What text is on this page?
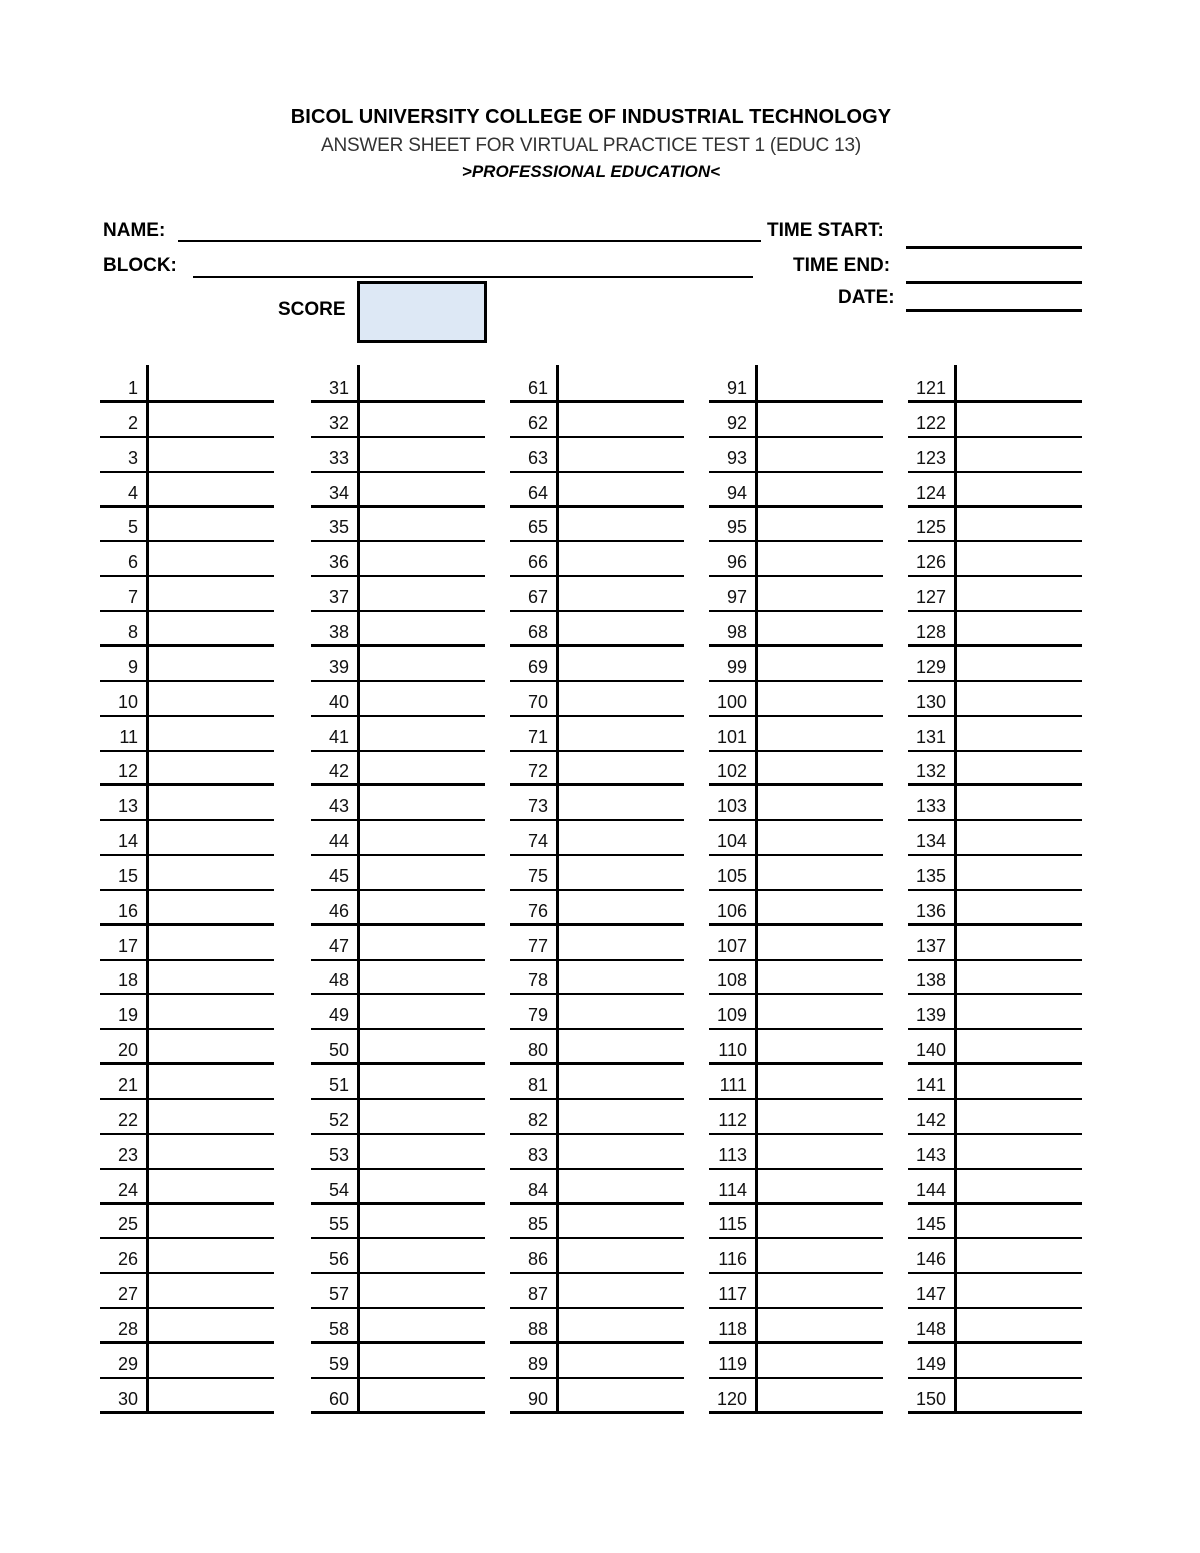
BICOL UNIVERSITY COLLEGE OF INDUSTRIAL TECHNOLOGY
ANSWER SHEET FOR VIRTUAL PRACTICE TEST 1 (EDUC 13)
>PROFESSIONAL EDUCATION<
NAME:
BLOCK:
SCORE
TIME START:
TIME END:
DATE:
1
2
3
4
5
6
7
8
9
10
11
12
13
14
15
16
17
18
19
20
21
22
23
24
25
26
27
28
29
30
31
32
33
34
35
36
37
38
39
40
41
42
43
44
45
46
47
48
49
50
51
52
53
54
55
56
57
58
59
60
61
62
63
64
65
66
67
68
69
70
71
72
73
74
75
76
77
78
79
80
81
82
83
84
85
86
87
88
89
90
91
92
93
94
95
96
97
98
99
100
101
102
103
104
105
106
107
108
109
110
111
112
113
114
115
116
117
118
119
120
121
122
123
124
125
126
127
128
129
130
131
132
133
134
135
136
137
138
139
140
141
142
143
144
145
146
147
148
149
150
